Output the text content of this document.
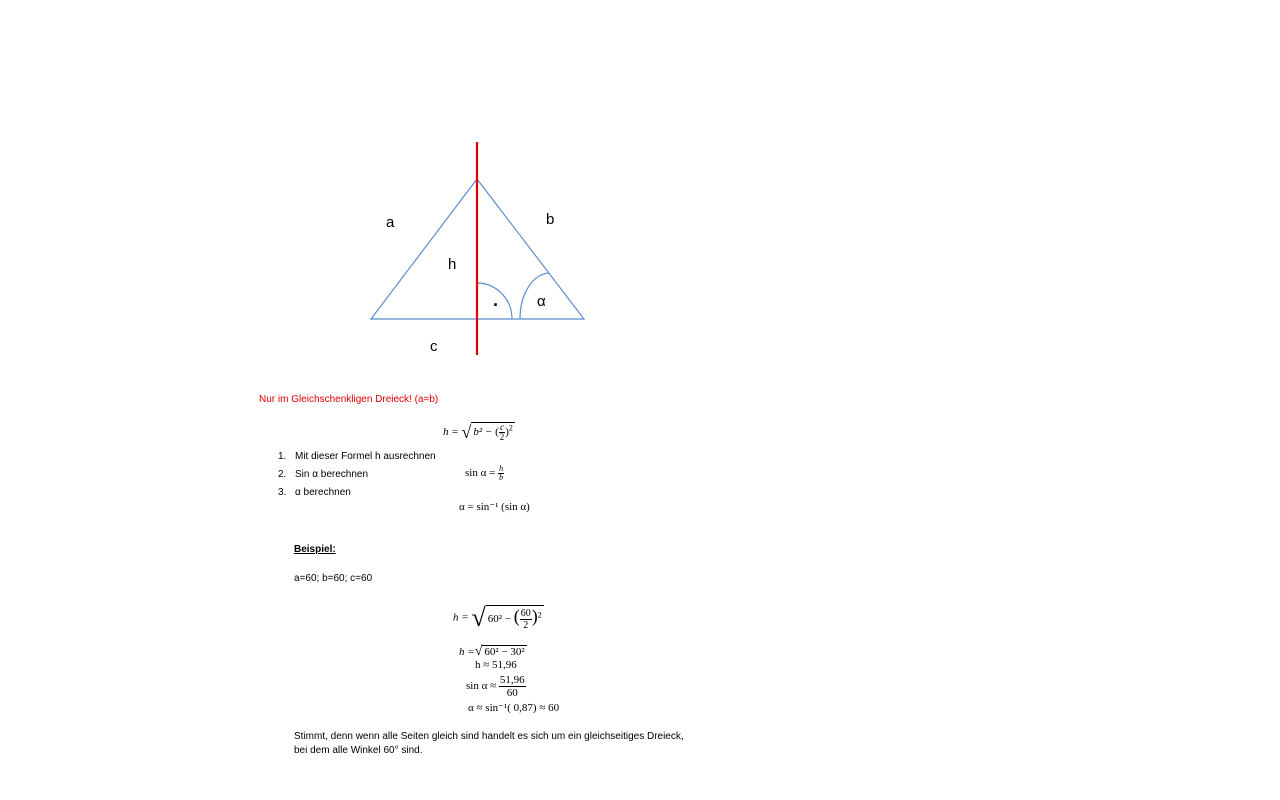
a	b
c
h
α
.
Nur im Gleichschenkligen Dreieck! (a=b)
h = √ b² − ( $\frac{c}{2} )^2$
1. Mit dieser Formel h ausrechnen
2. Sin α berechnen
3. α berechnen
$\sin \alpha = \frac{h}{b}$
α = sin⁻¹ (sin α)
Beispiel:
a=60; b=60; c=60
h = √ 60² − ( $\frac{60}{2} )^2$
h =√ 60² − 30²
h ≈ 51,96
$\sin \alpha \approx \frac{51,96}{60}$
α ≈ sin⁻¹( 0,87) ≈ 60
Stimmt, denn wenn alle Seiten gleich sind handelt es sich um ein gleichseitiges Dreieck,
bei dem alle Winkel 60° sind.
